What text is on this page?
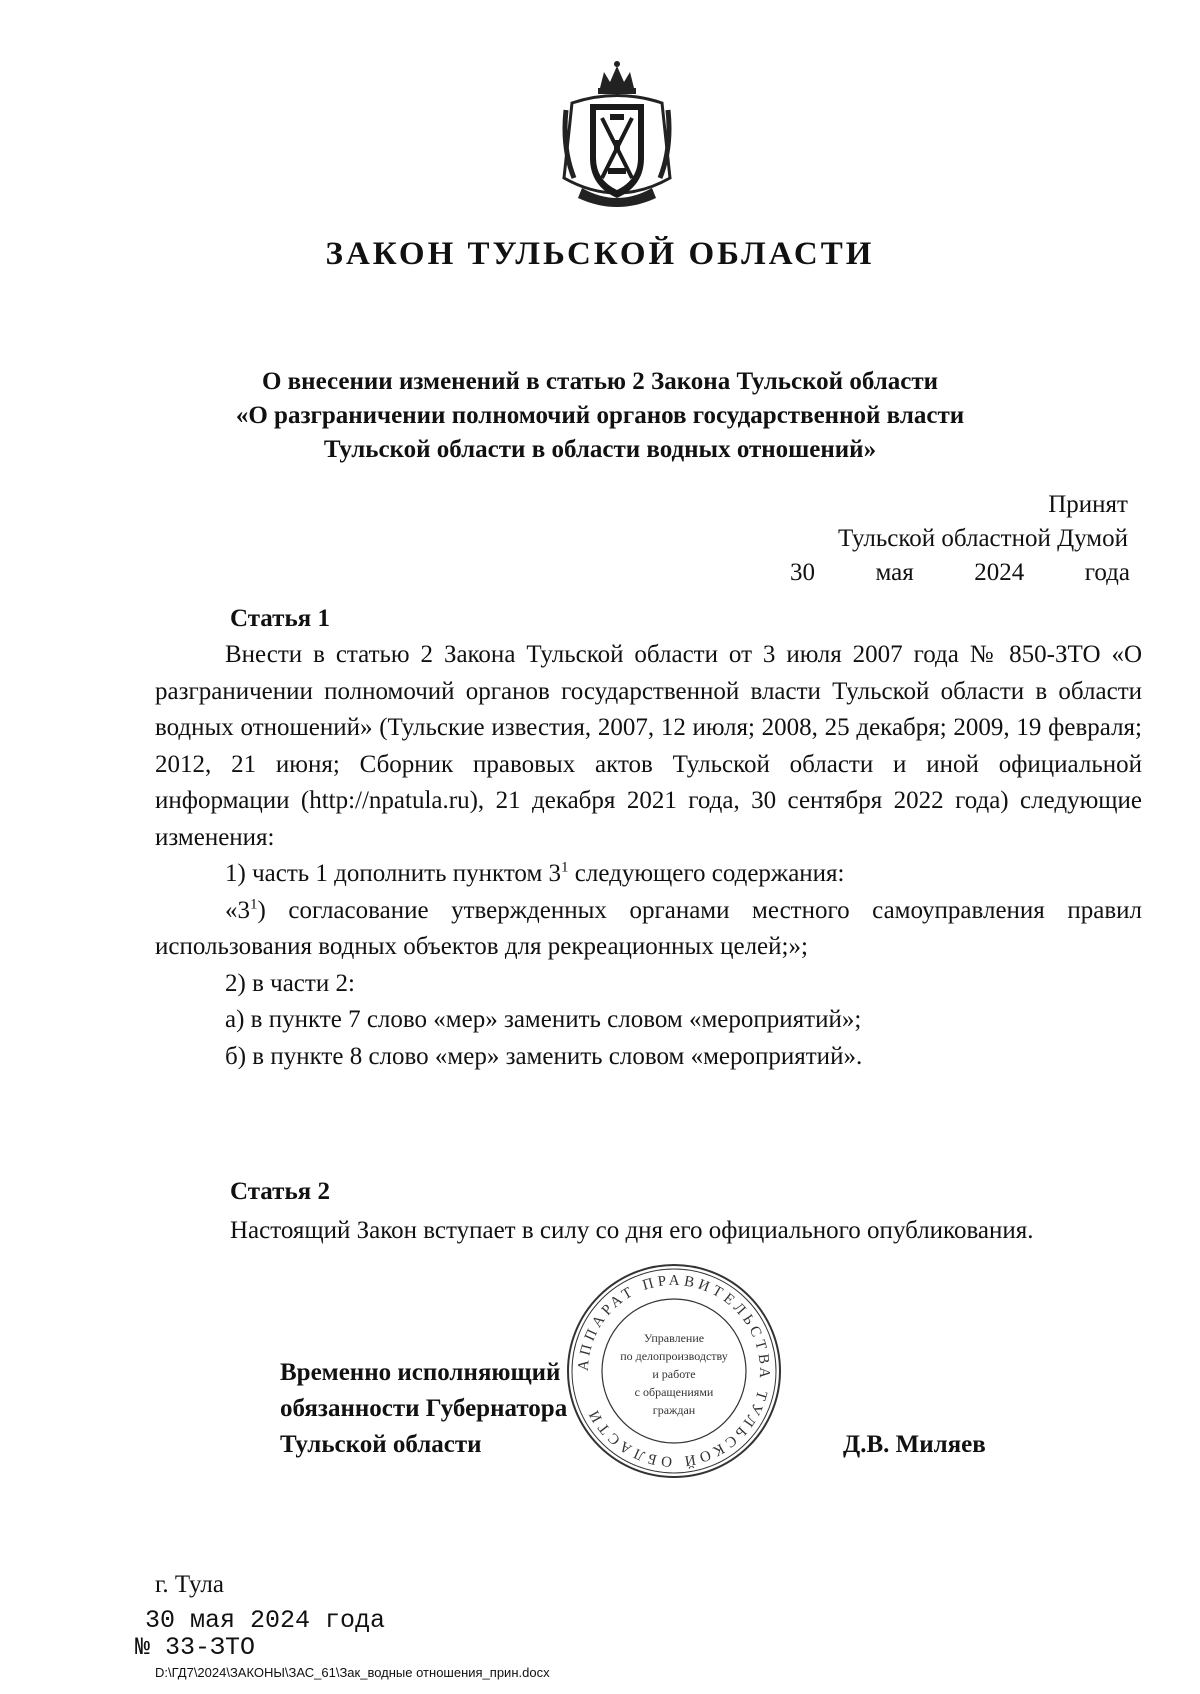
ЗАКОН ТУЛЬСКОЙ ОБЛАСТИ
О внесении изменений в статью 2 Закона Тульской области
«О разграничении полномочий органов государственной власти
Тульской области в области водных отношений»
Принят
Тульской областной Думой
30 мая 2024 года
Статья 1

Внести в статью 2 Закона Тульской области от 3 июля 2007 года № 850-ЗТО «О разграничении полномочий органов государственной власти Тульской области в области водных отношений» (Тульские известия, 2007, 12 июля; 2008, 25 декабря; 2009, 19 февраля; 2012, 21 июня; Сборник правовых актов Тульской области и иной официальной информации (http://npatula.ru), 21 декабря 2021 года, 30 сентября 2022 года) следующие изменения:

1) часть 1 дополнить пунктом $3^1$ следующего содержания:

«$3^1$) согласование утвержденных органами местного самоуправления правил использования водных объектов для рекреационных целей;»;

2) в части 2:

а) в пункте 7 слово «мер» заменить словом «мероприятий»;

б) в пункте 8 слово «мер» заменить словом «мероприятий».

Статья 2
Настоящий Закон вступает в силу со дня его официального опубликования.
АППАРАТ ПРАВИТЕЛЬСТВА ТУЛЬСКОЙ ОБЛАСТИ
Управление
по делопроизводству
и работе
с обращениями
граждан
Временно исполняющий
обязанности Губернатора
Тульской области	Д.В. Миляев
г. Тула
30 мая 2024 года
№ 33-ЗТО
D:\ГД7\2024\ЗАКОНЫ\ЗАС_61\Зак_водные отношения_прин.docx
